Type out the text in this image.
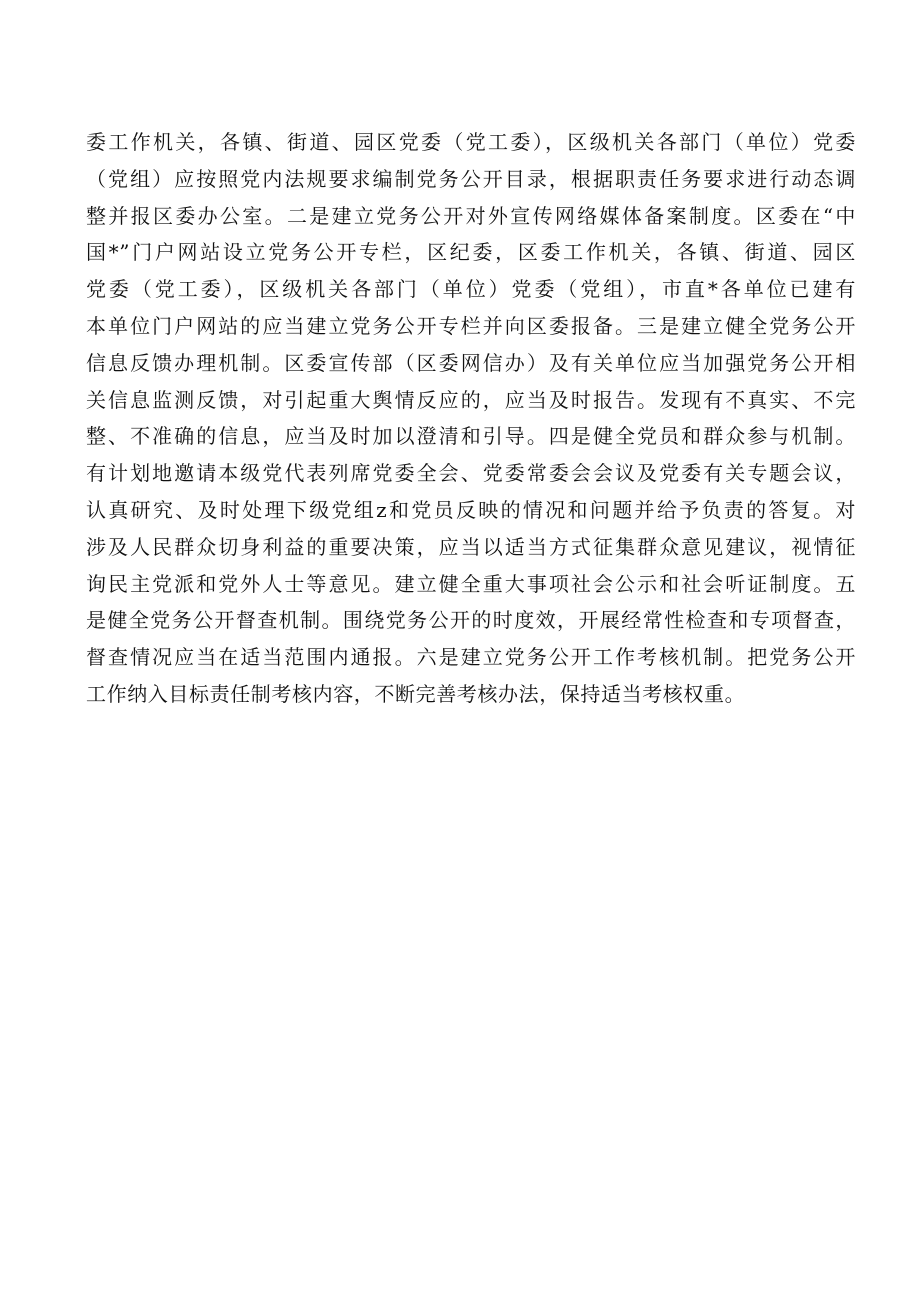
委工作机关，各镇、街道、园区党委（党工委），区级机关各部门（单位）党委
（党组）应按照党内法规要求编制党务公开目录，根据职责任务要求进行动态调
整并报区委办公室。二是建立党务公开对外宣传网络媒体备案制度。区委在“中
国*”门户网站设立党务公开专栏，区纪委，区委工作机关，各镇、街道、园区
党委（党工委），区级机关各部门（单位）党委（党组），市直*各单位已建有
本单位门户网站的应当建立党务公开专栏并向区委报备。三是建立健全党务公开
信息反馈办理机制。区委宣传部（区委网信办）及有关单位应当加强党务公开相
关信息监测反馈，对引起重大舆情反应的，应当及时报告。发现有不真实、不完
整、不准确的信息，应当及时加以澄清和引导。四是健全党员和群众参与机制。
有计划地邀请本级党代表列席党委全会、党委常委会会议及党委有关专题会议，
认真研究、及时处理下级党组z和党员反映的情况和问题并给予负责的答复。对
涉及人民群众切身利益的重要决策，应当以适当方式征集群众意见建议，视情征
询民主党派和党外人士等意见。建立健全重大事项社会公示和社会听证制度。五
是健全党务公开督查机制。围绕党务公开的时度效，开展经常性检查和专项督查，
督查情况应当在适当范围内通报。六是建立党务公开工作考核机制。把党务公开
工作纳入目标责任制考核内容，不断完善考核办法，保持适当考核权重。
